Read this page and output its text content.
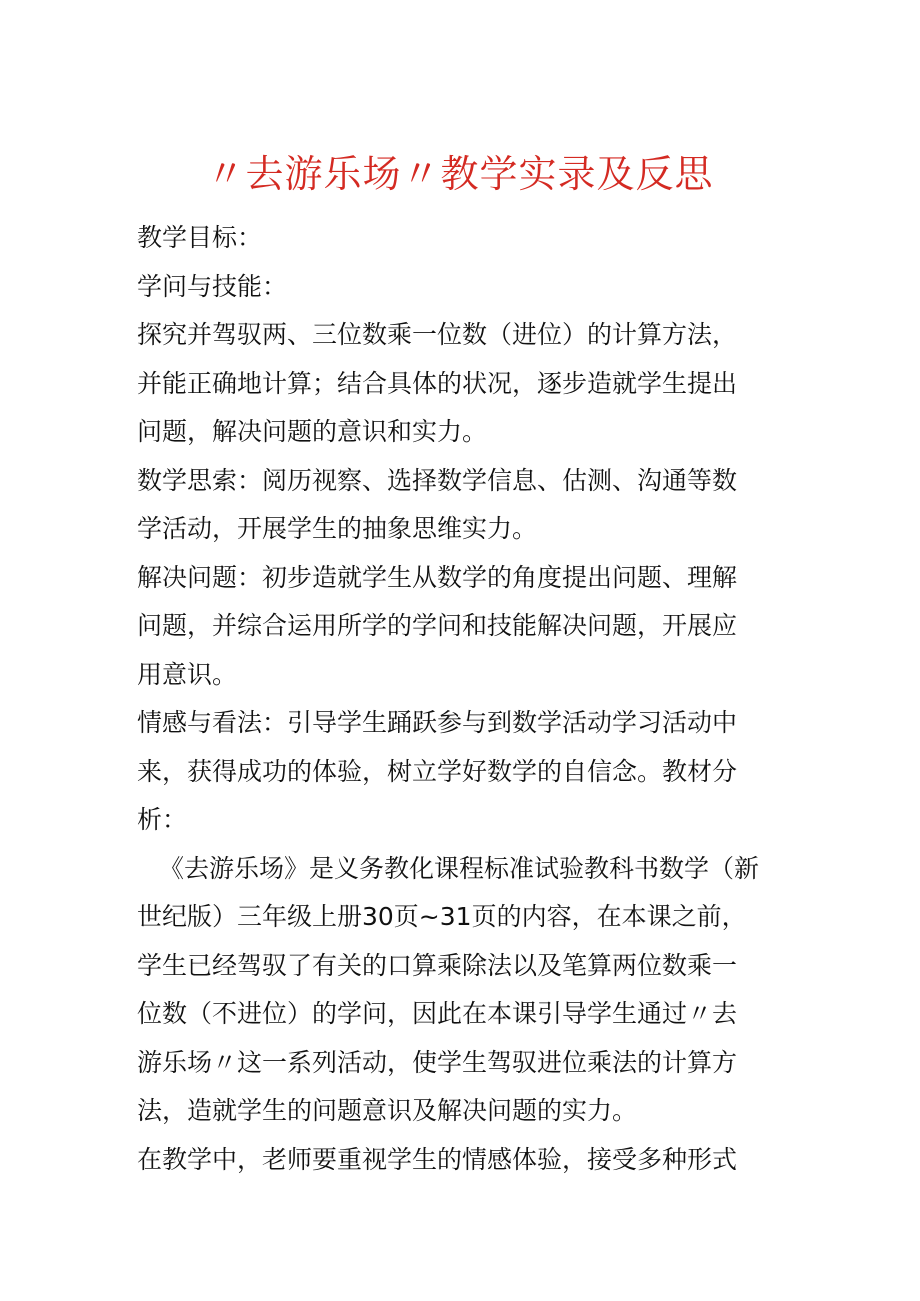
〃去游乐场〃教学实录及反思
教学目标：
学问与技能：
探究并驾驭两、三位数乘一位数（进位）的计算方法，
并能正确地计算；结合具体的状况，逐步造就学生提出
问题，解决问题的意识和实力。
数学思索：阅历视察、选择数学信息、估测、沟通等数
学活动，开展学生的抽象思维实力。
解决问题：初步造就学生从数学的角度提出问题、理解
问题，并综合运用所学的学问和技能解决问题，开展应
用意识。
情感与看法：引导学生踊跃参与到数学活动学习活动中
来，获得成功的体验，树立学好数学的自信念。教材分
析：
《去游乐场》是义务教化课程标准试验教科书数学（新
世纪版）三年级上册30页~31页的内容，在本课之前，
学生已经驾驭了有关的口算乘除法以及笔算两位数乘一
位数（不进位）的学问，因此在本课引导学生通过〃去
游乐场〃这一系列活动，使学生驾驭进位乘法的计算方
法，造就学生的问题意识及解决问题的实力。
在教学中，老师要重视学生的情感体验，接受多种形式
